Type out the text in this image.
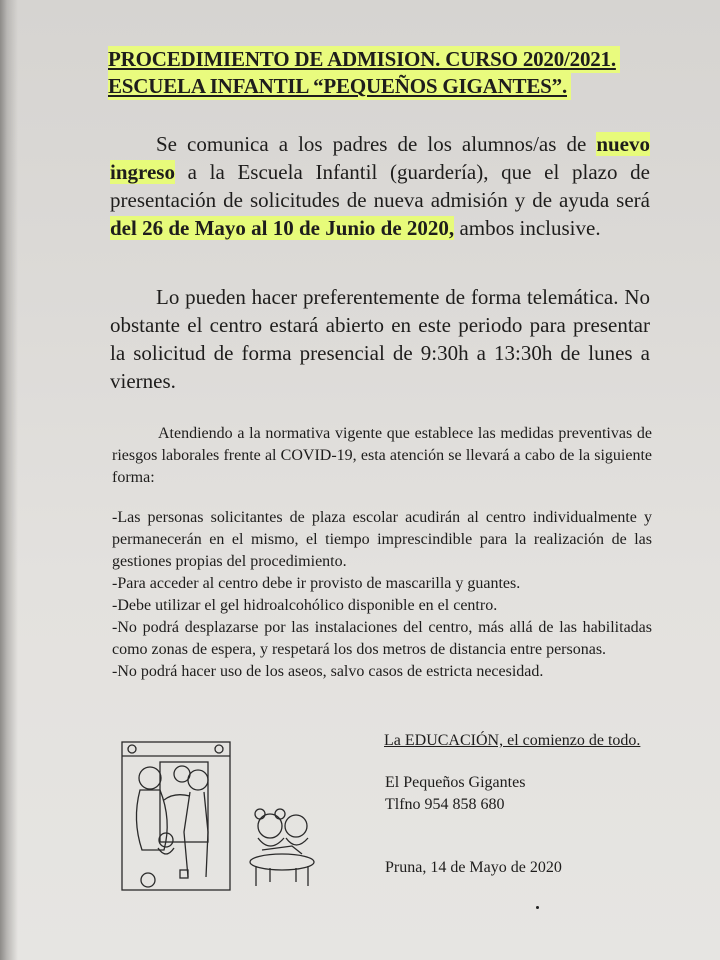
PROCEDIMIENTO DE ADMISION. CURSO 2020/2021.
ESCUELA INFANTIL “PEQUEÑOS GIGANTES”.
Se comunica a los padres de los alumnos/as de nuevo ingreso a la Escuela Infantil (guardería), que el plazo de presentación de solicitudes de nueva admisión y de ayuda será del 26 de Mayo al 10 de Junio de 2020, ambos inclusive.
Lo pueden hacer preferentemente de forma telemática. No obstante el centro estará abierto en este periodo para presentar la solicitud de forma presencial de 9:30h a 13:30h de lunes a viernes.
Atendiendo a la normativa vigente que establece las medidas preventivas de riesgos laborales frente al COVID-19, esta atención se llevará a cabo de la siguiente forma:
-Las personas solicitantes de plaza escolar acudirán al centro individualmente y permanecerán en el mismo, el tiempo imprescindible para la realización de las gestiones propias del procedimiento.
-Para acceder al centro debe ir provisto de mascarilla y guantes.
-Debe utilizar el gel hidroalcohólico disponible en el centro.
-No podrá desplazarse por las instalaciones del centro, más allá de las habilitadas como zonas de espera, y respetará los dos metros de distancia entre personas.
-No podrá hacer uso de los aseos, salvo casos de estricta necesidad.
La EDUCACIÓN, el comienzo de todo.
El Pequeños Gigantes
Tlfno 954 858 680
Pruna, 14 de Mayo de 2020
